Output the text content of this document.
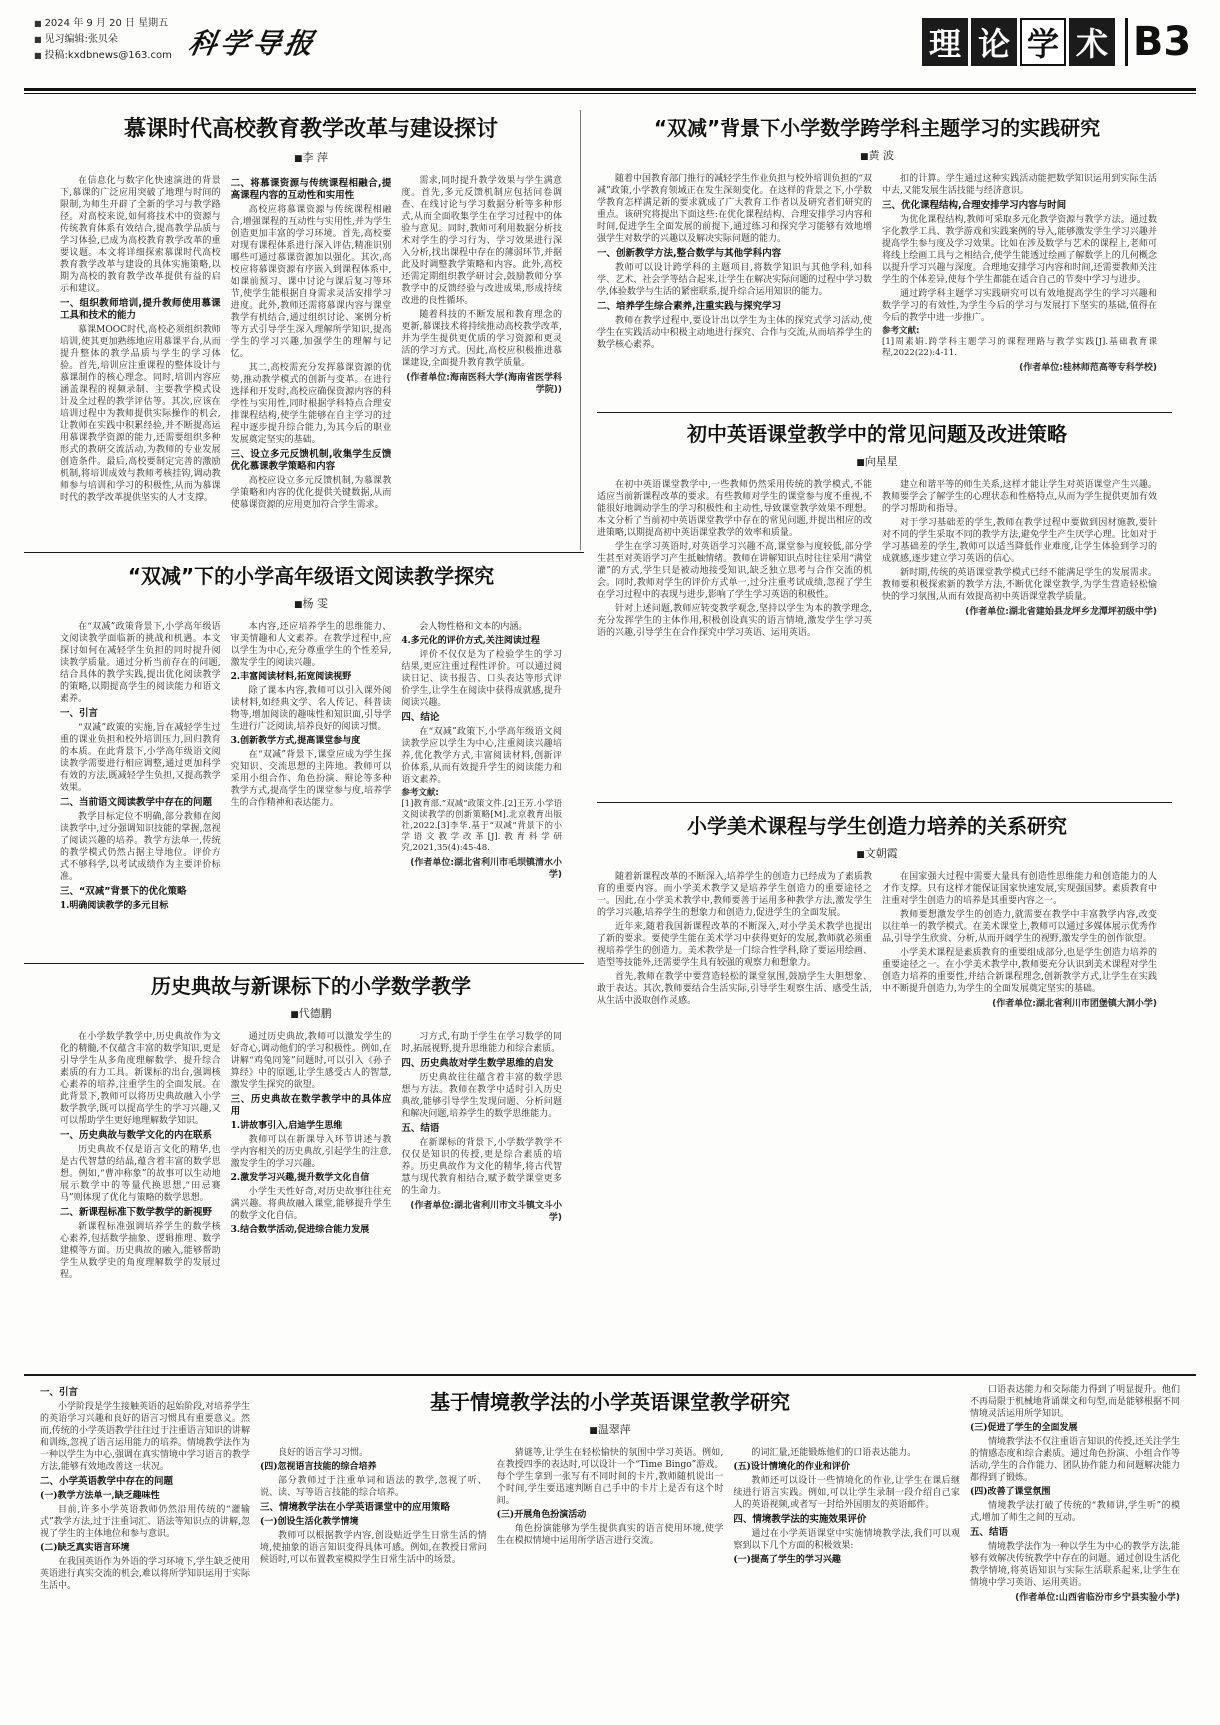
■ 2024 年 9 月 20 日 星期五
■ 见习编辑:张贝朵
■ 投稿:kxdbnews@163.com 科学导报	理 论 学 术 B3
慕课时代高校教育教学改革与建设探讨
■ 李 萍

在信息化与数字化快速演进的背景下,慕课的广泛应用突破了地理与时间的限制,为师生开辟了全新的学习与教学路径。对高校来说,如何将技术中的资源与传统教育体系有效结合,提高教学品质与学习体验,已成为高校教育教学改革的重要议题。本文将详细探索慕课时代高校教育教学改革与建设的具体实施策略,以期为高校的教育教学改革提供有益的启示和建议。

一、组织教师培训,提升教师使用慕课工具和技术的能力

慕课MOOC时代,高校必须组织教师培训,使其更加熟练地应用慕课平台,从而提升整体的教学品质与学生的学习体验。首先,培训应注重课程的整体设计与慕课制作的核心理念。同时,培训内容应涵盖课程的视频录制、主要教学模式设计及全过程的教学评估等。其次,应该在培训过程中为教师提供实际操作的机会,让教师在实践中积累经验,并不断提高运用慕课教学资源的能力,还需要组织多种形式的教研交流活动,为教师的专业发展创造条件。最后,高校要制定完善的激励机制,将培训成效与教师考核挂钩,调动教师参与培训和学习的积极性,从而为慕课时代的教学改革提供坚实的人才支撑。

二、将慕课资源与传统课程相融合,提高课程内容的互动性和实用性

高校应将慕课资源与传统课程相融合,增强课程的互动性与实用性,并为学生创造更加丰富的学习环境。首先,高校要对现有课程体系进行深入评估,精准识别哪些可通过慕课资源加以强化。其次,高校应将慕课资源有序嵌入到课程体系中,如课前预习、课中讨论与课后复习等环节,使学生能根据自身需求灵活安排学习进度。此外,教师还需将慕课内容与课堂教学有机结合,通过组织讨论、案例分析等方式引导学生深入理解所学知识,提高学生的学习兴趣,加强学生的理解与记忆。

其二,高校需充分发挥慕课资源的优势,推动教学模式的创新与变革。在进行选择和开发时,高校应确保资源内容的科学性与实用性,同时根据学科特点合理安排课程结构,使学生能够在自主学习的过程中逐步提升综合能力,为其今后的职业发展奠定坚实的基础。

三、设立多元反馈机制,收集学生反馈优化慕课教学策略和内容

高校应设立多元反馈机制,为慕课教学策略和内容的优化提供关键数据,从而使慕课资源的应用更加符合学生需求。

需求,同时提升教学效果与学生满意度。首先,多元反馈机制应包括问卷调查、在线讨论与学习数据分析等多种形式,从而全面收集学生在学习过程中的体验与意见。同时,教师可利用数据分析技术对学生的学习行为、学习效果进行深入分析,找出课程中存在的薄弱环节,并据此及时调整教学策略和内容。此外,高校还需定期组织教学研讨会,鼓励教师分享教学中的反馈经验与改进成果,形成持续改进的良性循环。

随着科技的不断发展和教育理念的更新,慕课技术将持续推动高校教学改革,并为学生提供更优质的学习资源和更灵活的学习方式。因此,高校应积极推进慕课建设,全面提升教育教学质量。

(作者单位:海南医科大学(海南省医学科学院))
“双减”背景下小学数学跨学科主题学习的实践研究
■ 黄 波

随着中国教育部门推行的减轻学生作业负担与校外培训负担的“双减”政策,小学教育领域正在发生深刻变化。在这样的背景之下,小学数学教育怎样满足新的要求就成了广大教育工作者以及研究者们研究的重点。该研究将提出下面这些:在优化课程结构、合理安排学习内容和时间,促进学生全面发展的前提下,通过练习和探究学习能够有效地增强学生对数学的兴趣以及解决实际问题的能力。

一、创新教学方法,整合数学与其他学科内容

教师可以设计跨学科的主题项目,将数学知识与其他学科,如科学、艺术、社会学等结合起来,让学生在解决实际问题的过程中学习数学,体验数学与生活的紧密联系,提升综合运用知识的能力。

二、培养学生综合素养,注重实践与探究学习

教师在教学过程中,要设计出以学生为主体的探究式学习活动,使学生在实践活动中积极主动地进行探究、合作与交流,从而培养学生的数学核心素养。

扣的计算。学生通过这种实践活动能把数学知识运用到实际生活中去,又能发展生活技能与经济意识。

三、优化课程结构,合理安排学习内容与时间

为优化课程结构,教师可采取多元化教学资源与教学方法。通过数字化教学工具、教学游戏和实践案例的导入,能够激发学生学习兴趣并提高学生参与度及学习效果。比如在涉及数学与艺术的课程上,老师可将线上绘画工具与之相结合,使学生能透过绘画了解数学上的几何概念以提升学习兴趣与深度。合理地安排学习内容和时间,还需要教师关注学生的个体差异,使每个学生都能在适合自己的节奏中学习与进步。

通过跨学科主题学习实践研究可以有效地提高学生的学习兴趣和数学学习的有效性,为学生今后的学习与发展打下坚实的基础,值得在今后的教学中进一步推广。

参考文献:
[1]周素娟.跨学科主题学习的课程理路与教学实践[J].基础教育课程,2022(22):4-11.
(作者单位:桂林师范高等专科学校)
初中英语课堂教学中的常见问题及改进策略
■ 向星星

在初中英语课堂教学中,一些教师仍然采用传统的教学模式,不能适应当前新课程改革的要求。有些教师对学生的课堂参与度不重视,不能很好地调动学生的学习积极性和主动性,导致课堂教学效果不理想。本文分析了当前初中英语课堂教学中存在的常见问题,并提出相应的改进策略,以期提高初中英语课堂教学的效率和质量。

学生在学习英语时,对英语学习兴趣不高,课堂参与度较低,部分学生甚至对英语学习产生抵触情绪。教师在讲解知识点时往往采用“满堂灌”的方式,学生只是被动地接受知识,缺乏独立思考与合作交流的机会。同时,教师对学生的评价方式单一,过分注重考试成绩,忽视了学生在学习过程中的表现与进步,影响了学生学习英语的积极性。

针对上述问题,教师应转变教学观念,坚持以学生为本的教学理念,充分发挥学生的主体作用,积极创设真实的语言情境,激发学生学习英语的兴趣,引导学生在合作探究中学习英语、运用英语。

建立和谐平等的师生关系,这样才能让学生对英语课堂产生兴趣。教师要学会了解学生的心理状态和性格特点,从而为学生提供更加有效的学习帮助和指导。

对于学习基础差的学生,教师在教学过程中要做到因材施教,要针对不同的学生采取不同的教学方法,避免学生产生厌学心理。比如对于学习基础差的学生,教师可以适当降低作业难度,让学生体验到学习的成就感,逐步建立学习英语的信心。

新时期,传统的英语课堂教学模式已经不能满足学生的发展需求。教师要积极探索新的教学方法,不断优化课堂教学,为学生营造轻松愉快的学习氛围,从而有效提高初中英语课堂教学质量。

(作者单位:湖北省建始县龙坪乡龙潭坪初级中学)
“双减”下的小学高年级语文阅读教学探究
■ 杨 雯

在“双减”政策背景下,小学高年级语文阅读教学面临新的挑战和机遇。本文探讨如何在减轻学生负担的同时提升阅读教学质量。通过分析当前存在的问题,结合具体的教学实践,提出优化阅读教学的策略,以期提高学生的阅读能力和语文素养。

一、引言

“双减”政策的实施,旨在减轻学生过重的课业负担和校外培训压力,回归教育的本质。在此背景下,小学高年级语文阅读教学需要进行相应调整,通过更加科学有效的方法,既减轻学生负担,又提高教学效果。

二、当前语文阅读教学中存在的问题

教学目标定位不明确,部分教师在阅读教学中,过分强调知识技能的掌握,忽视了阅读兴趣的培养。教学方法单一,传统的教学模式仍然占据主导地位。评价方式不够科学,以考试成绩作为主要评价标准。

三、“双减”背景下的优化策略
1.明确阅读教学的多元目标

本内容,还应培养学生的思维能力、审美情趣和人文素养。在教学过程中,应以学生为中心,充分尊重学生的个性差异,激发学生的阅读兴趣。

2.丰富阅读材料,拓宽阅读视野

除了课本内容,教师可以引入课外阅读材料,如经典文学、名人传记、科普读物等,增加阅读的趣味性和知识面,引导学生进行广泛阅读,培养良好的阅读习惯。

3.创新教学方式,提高课堂参与度

在“双减”背景下,课堂应成为学生探究知识、交流思想的主阵地。教师可以采用小组合作、角色扮演、辩论等多种教学方式,提高学生的课堂参与度,培养学生的合作精神和表达能力。

会人物性格和文本的内涵。

4.多元化的评价方式,关注阅读过程

评价不仅仅是为了检验学生的学习结果,更应注重过程性评价。可以通过阅读日记、读书报告、口头表达等形式评价学生,让学生在阅读中获得成就感,提升阅读兴趣。

四、结论

在“双减”政策下,小学高年级语文阅读教学应以学生为中心,注重阅读兴趣培养,优化教学方式,丰富阅读材料,创新评价体系,从而有效提升学生的阅读能力和语文素养。

参考文献:
[1]教育部.“双减”政策文件.[2]王芳.小学语文阅读教学的创新策略[M].北京教育出版社,2022.[3]李华.基于“双减”背景下的小学语文教学改革[J].教育科学研究,2021,35(4):45-48.
(作者单位:湖北省利川市毛坝镇清水小学)
小学美术课程与学生创造力培养的关系研究
■ 文朝霞

随着新课程改革的不断深入,培养学生的创造力已经成为了素质教育的重要内容。而小学美术教学又是培养学生创造力的重要途径之一。因此,在小学美术教学中,教师要善于运用多种教学方法,激发学生的学习兴趣,培养学生的想象力和创造力,促进学生的全面发展。

近年来,随着我国新课程改革的不断深入,对小学美术教学也提出了新的要求。要使学生能在美术学习中获得更好的发展,教师就必须重视培养学生的创造力。美术教学是一门综合性学科,除了要运用绘画、造型等技能外,还需要学生具有较强的观察力和想象力。

首先,教师在教学中要营造轻松的课堂氛围,鼓励学生大胆想象、敢于表达。其次,教师要结合生活实际,引导学生观察生活、感受生活,从生活中汲取创作灵感。

在国家强大过程中需要大量具有创造性思维能力和创造能力的人才作支撑。只有这样才能保证国家快速发展,实现强国梦。素质教育中注重对学生创造力的培养是其重要内容之一。

教师要想激发学生的创造力,就需要在教学中丰富教学内容,改变以往单一的教学模式。在美术课堂上,教师可以通过多媒体展示优秀作品,引导学生欣赏、分析,从而开阔学生的视野,激发学生的创作欲望。

小学美术课程是素质教育的重要组成部分,也是学生创造力培养的重要途径之一。在小学美术教学中,教师要充分认识到美术课程对学生创造力培养的重要性,并结合新课程理念,创新教学方式,让学生在实践中不断提升创造力,为学生的全面发展奠定坚实的基础。

(作者单位:湖北省利川市团堡镇大洞小学)
历史典故与新课标下的小学数学教学
■ 代德鹏

在小学数学教学中,历史典故作为文化的精髓,不仅蕴含丰富的数学知识,更是引导学生从多角度理解数学、提升综合素质的有力工具。新课标的出台,强调核心素养的培养,注重学生的全面发展。在此背景下,教师可以将历史典故融入小学数学教学,既可以提高学生的学习兴趣,又可以帮助学生更好地理解数学知识。

一、历史典故与数学文化的内在联系

历史典故不仅是语言文化的精华,也是古代智慧的结晶,蕴含着丰富的数学思想。例如,“曹冲称象”的故事可以生动地展示数学中的等量代换思想,“田忌赛马”则体现了优化与策略的数学思想。

二、新课程标准下数学教学的新视野

新课程标准强调培养学生的数学核心素养,包括数学抽象、逻辑推理、数学建模等方面。历史典故的融入,能够帮助学生从数学史的角度理解数学的发展过程。

通过历史典故,教师可以激发学生的好奇心,调动他们的学习积极性。例如,在讲解“鸡兔同笼”问题时,可以引入《孙子算经》中的原题,让学生感受古人的智慧,激发学生探究的欲望。

三、历史典故在数学教学中的具体应用
1.讲故事引入,启迪学生思维

教师可以在新课导入环节讲述与教学内容相关的历史典故,引起学生的注意,激发学生的学习兴趣。

2.激发学习兴趣,提升数学文化自信

小学生天性好奇,对历史故事往往充满兴趣。将典故融入课堂,能够提升学生的数学文化自信。

3.结合数学活动,促进综合能力发展

习方式,有助于学生在学习数学的同时,拓展视野,提升思维能力和综合素质。

四、历史典故对学生数学思维的启发

历史典故往往蕴含着丰富的数学思想与方法。教师在教学中适时引入历史典故,能够引导学生发现问题、分析问题和解决问题,培养学生的数学思维能力。

五、结语

在新课标的背景下,小学数学教学不仅仅是知识的传授,更是综合素质的培养。历史典故作为文化的精华,将古代智慧与现代教育相结合,赋予数学课堂更多的生命力。

(作者单位:湖北省利川市文斗镇文斗小学)
一、引言

小学阶段是学生接触英语的起始阶段,对培养学生的英语学习兴趣和良好的语言习惯具有重要意义。然而,传统的小学英语教学往往过于注重语言知识的讲解和训练,忽视了语言运用能力的培养。情境教学法作为一种以学生为中心,强调在真实情境中学习语言的教学方法,能够有效地改善这一状况。

二、小学英语教学中存在的问题
(一)教学方法单一,缺乏趣味性

目前,许多小学英语教师仍然沿用传统的“灌输式”教学方法,过于注重词汇、语法等知识点的讲解,忽视了学生的主体地位和参与意识。

(二)缺乏真实语言环境

在我国英语作为外语的学习环境下,学生缺乏使用英语进行真实交流的机会,难以将所学知识运用于实际生活中。

基于情境教学法的小学英语课堂教学研究
■ 温翠萍

良好的语言学习习惯。

(四)忽视语言技能的综合培养

部分教师过于注重单词和语法的教学,忽视了听、说、读、写等语言技能的综合培养。

三、情境教学法在小学英语课堂中的应用策略
(一)创设生活化教学情境

教师可以根据教学内容,创设贴近学生日常生活的情境,使抽象的语言知识变得具体可感。例如,在教授日常问候语时,可以布置教室模拟学生日常生活中的场景。

猜谜等,让学生在轻松愉快的氛围中学习英语。例如,在教授四季的表达时,可以设计一个“Time Bingo”游戏。每个学生拿到一张写有不同时间的卡片,教师随机说出一个时间,学生要迅速判断自己手中的卡片上是否有这个时间。

(三)开展角色扮演活动

角色扮演能够为学生提供真实的语言使用环境,使学生在模拟情境中运用所学语言进行交流。

的词汇量,还能锻炼他们的口语表达能力。

(五)设计情境化的作业和评价

教师还可以设计一些情境化的作业,让学生在课后继续进行语言实践。例如,可以让学生录制一段介绍自己家人的英语视频,或者写一封给外国朋友的英语邮件。

四、情境教学法的实施效果评价

通过在小学英语课堂中实施情境教学法,我们可以观察到以下几个方面的积极效果:

(一)提高了学生的学习兴趣

口语表达能力和交际能力得到了明显提升。他们不再局限于机械地背诵课文和句型,而是能够根据不同情境灵活运用所学知识。

(三)促进了学生的全面发展

情境教学法不仅注重语言知识的传授,还关注学生的情感态度和综合素质。通过角色扮演、小组合作等活动,学生的合作能力、团队协作能力和问题解决能力都得到了锻炼。

(四)改善了课堂氛围

情境教学法打破了传统的“教师讲,学生听”的模式,增加了师生之间的互动。

五、结语

情境教学法作为一种以学生为中心的教学方法,能够有效解决传统教学中存在的问题。通过创设生活化教学情境,将英语知识与实际生活联系起来,让学生在情境中学习英语、运用英语。

(作者单位:山西省临汾市乡宁县实验小学)
